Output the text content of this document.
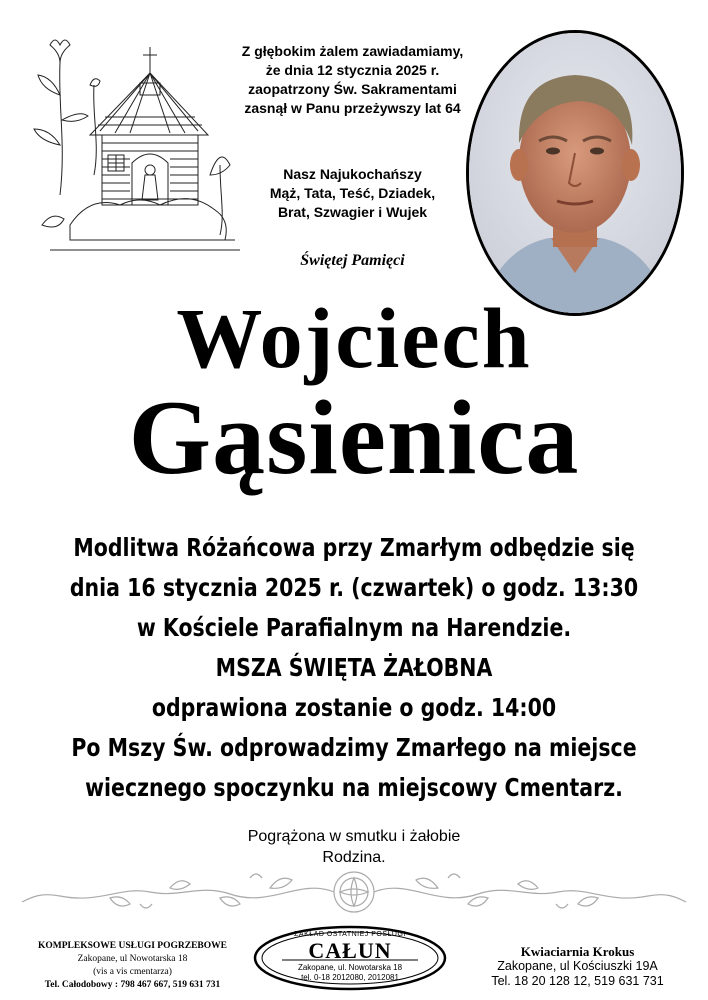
Z głębokim żalem zawiadamiamy,
że dnia 12 stycznia 2025 r.
zaopatrzony Św. Sakramentami
zasnął w Panu przeżywszy lat 64
Nasz Najukochańszy
Mąż, Tata, Teść, Dziadek,
Brat, Szwagier i Wujek
Świętej Pamięci
Wojciech
Gąsienica
Modlitwa Różańcowa przy Zmarłym odbędzie się
dnia 16 stycznia 2025 r. (czwartek) o godz. 13:30
w Kościele Parafialnym na Harendzie.
MSZA ŚWIĘTA ŻAŁOBNA
odprawiona zostanie o godz. 14:00
Po Mszy Św. odprowadzimy Zmarłego na miejsce
wiecznego spoczynku na miejscowy Cmentarz.
Pogrążona w smutku i żałobie
Rodzina.
KOMPLEKSOWE USŁUGI POGRZEBOWE
Zakopane, ul Nowotarska 18
(vis a vis cmentarza)
Tel. Całodobowy : 798 467 667, 519 631 731
ZAKŁAD OSTATNIEJ POSŁUGI
CAŁUN
Zakopane, ul. Nowotarska 18
tel. 0-18 2012080, 2012081
Kwiaciarnia Krokus
Zakopane, ul Kościuszki 19A
Tel. 18 20 128 12, 519 631 731
